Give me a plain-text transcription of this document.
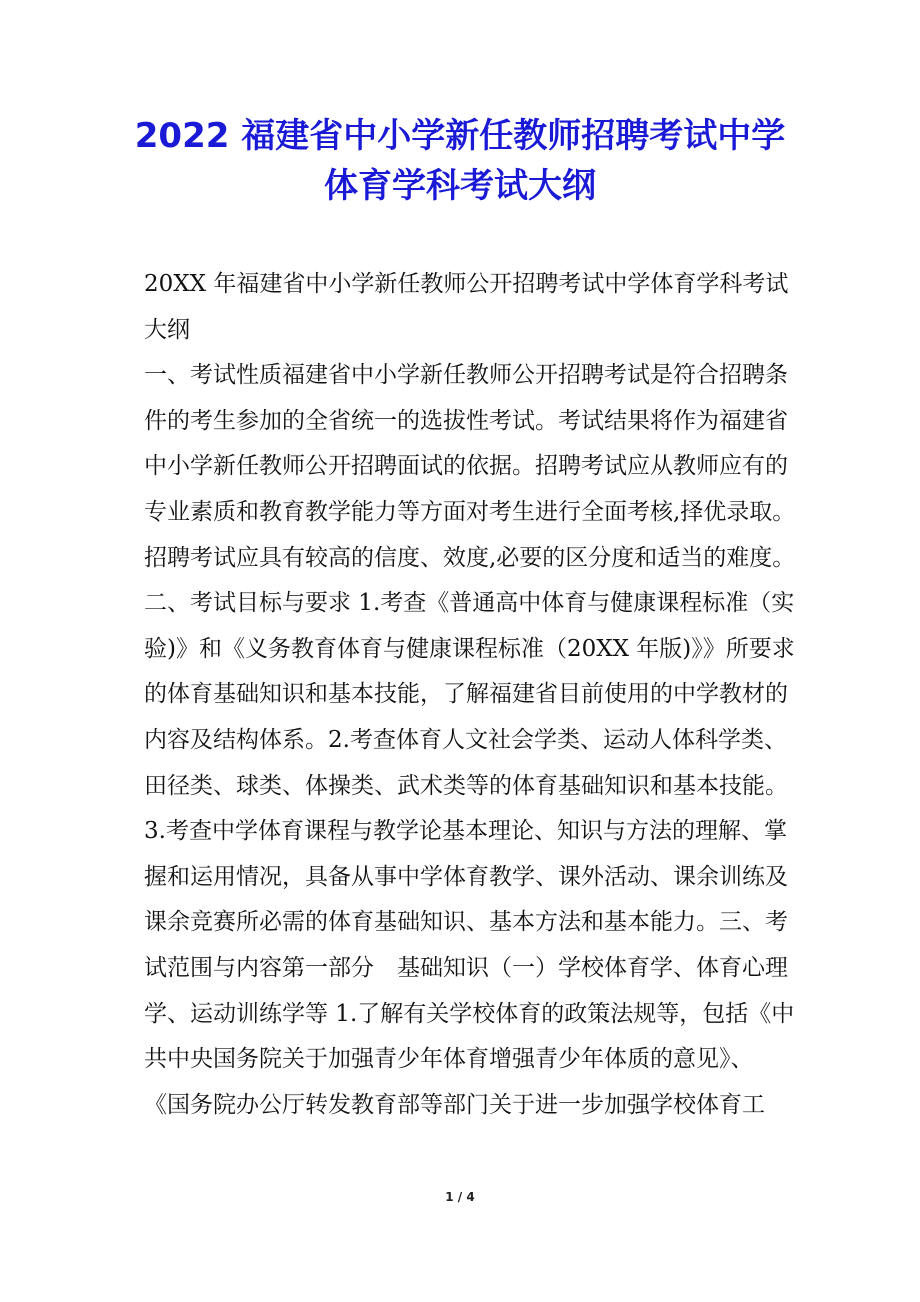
2022 福建省中小学新任教师招聘考试中学
体育学科考试大纲
20XX 年福建省中小学新任教师公开招聘考试中学体育学科考试
大纲
一、考试性质福建省中小学新任教师公开招聘考试是符合招聘条
件的考生参加的全省统一的选拔性考试。考试结果将作为福建省
中小学新任教师公开招聘面试的依据。招聘考试应从教师应有的
专业素质和教育教学能力等方面对考生进行全面考核,择优录取。
招聘考试应具有较高的信度、效度,必要的区分度和适当的难度。
二、考试目标与要求 1.考查《普通高中体育与健康课程标准（实
验)》和《义务教育体育与健康课程标准（20XX 年版)》》所要求
的体育基础知识和基本技能，了解福建省目前使用的中学教材的
内容及结构体系。2.考查体育人文社会学类、运动人体科学类、
田径类、球类、体操类、武术类等的体育基础知识和基本技能。
3.考查中学体育课程与教学论基本理论、知识与方法的理解、掌
握和运用情况，具备从事中学体育教学、课外活动、课余训练及
课余竞赛所必需的体育基础知识、基本方法和基本能力。三、考
试范围与内容第一部分　基础知识（一）学校体育学、体育心理
学、运动训练学等 1.了解有关学校体育的政策法规等，包括《中
共中央国务院关于加强青少年体育增强青少年体质的意见》、
《国务院办公厅转发教育部等部门关于进一步加强学校体育工
1 / 4
